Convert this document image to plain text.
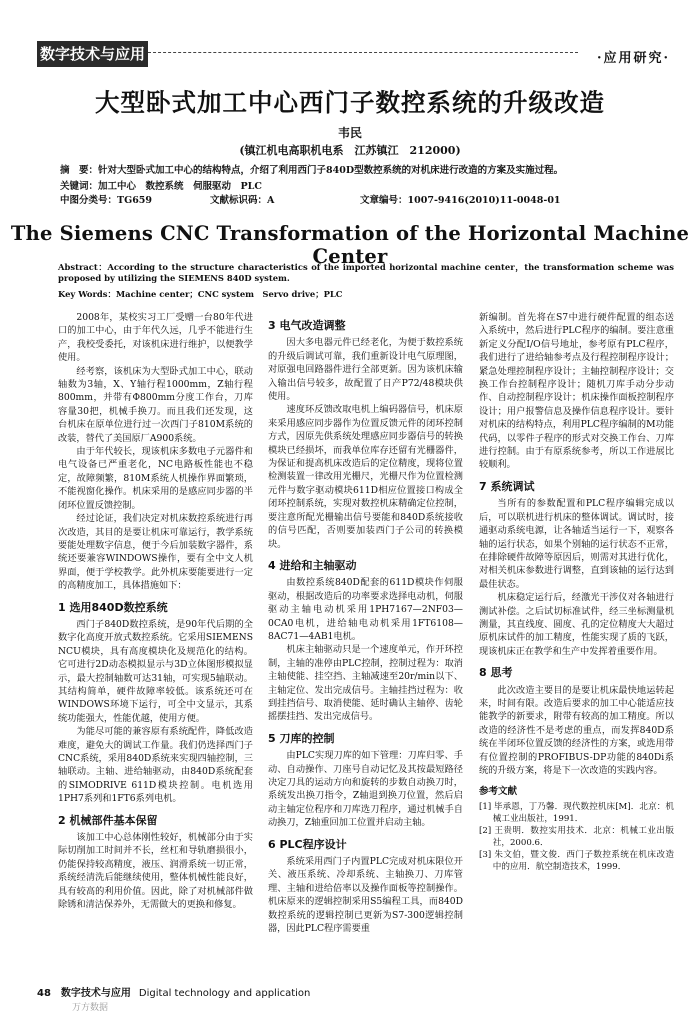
数字技术与应用	·应用研究·
大型卧式加工中心西门子数控系统的升级改造
韦民
(镇江机电高职机电系　江苏镇江　212000)
摘　要：针对大型卧式加工中心的结构特点，介绍了利用西门子840D型数控系统的对机床进行改造的方案及实施过程。
关键词：加工中心　数控系统　伺服驱动　PLC
中图分类号：TG659	文献标识码：A	文章编号：1007-9416(2010)11-0048-01
The Siemens CNC Transformation of the Horizontal Machine Center
Abstract：According to the structure characteristics of the imported horizontal machine center，the transformation scheme was proposed by utilizing the SIEMENS 840D system.
Key Words：Machine center；CNC system　Servo drive；PLC

2008年，某校实习工厂受赠一台80年代进口的加工中心，由于年代久远，几乎不能进行生产，我校受委托，对该机床进行维护，以便教学使用。

经考察，该机床为大型卧式加工中心，联动轴数为3轴，X、Y轴行程1000mm，Z轴行程800mm，并带有Φ800mm分度工作台，刀库容量30把，机械手换刀。而且我们还发现，这台机床在原单位进行过一次西门子810M系统的改装，替代了美国原厂A900系统。

由于年代较长，现该机床多数电子元器件和电气设备已严重老化，NC电路板性能也不稳定，故障频繁，810M系统人机操作界面繁琐，不能视窗化操作。机床采用的是感应同步器的半闭环位置反馈控制。

经过论证，我们决定对机床数控系统进行再次改造，其目的是要让机床可靠运行，教学系统要能处理数字信息，便于今后加装数字器件，系统还要兼容WINDOWS操作，要有全中文人机界面，便于学校教学。此外机床要能要进行一定的高精度加工，具体措施如下：

1 选用840D数控系统

西门子840D数控系统，是90年代后期的全数字化高度开放式数控系统。它采用SIEMENS NCU模块，具有高度模块化及规范化的结构。它可进行2D动态模拟显示与3D立体图形模拟显示，最大控制轴数可达31轴，可实现5轴联动。其结构简单，硬件故障率较低。该系统还可在WINDOWS环境下运行，可全中文显示，其系统功能强大，性能优越，使用方便。

为能尽可能的兼容原有系统配件，降低改造难度，避免大的调试工作量。我们仍选择西门子CNC系统，采用840D系统来实现四轴控制，三轴联动。主轴、进给轴驱动，由840D系统配套的SIMODRIVE 611D模块控制。电机选用1PH7系列和1FT6系列电机。

2 机械部件基本保留

该加工中心总体刚性较好，机械部分由于实际切削加工时间并不长，丝杠和导轨磨损很小，仍能保持较高精度，液压、润滑系统一切正常，系统经清洗后能继续使用，整体机械性能良好，具有较高的利用价值。因此，除了对机械部件做除锈和清洁保养外，无需做大的更换和修复。

3 电气改造调整

因大多电器元件已经老化，为便于数控系统的升级后调试可靠，我们重新设计电气原理图，对原强电回路器件进行全部更新。因为该机床输入输出信号较多，故配置了日产P72/48模块供使用。

速度环反馈改取电机上编码器信号，机床原来采用感应同步器作为位置反馈元件的闭环控制方式，因原先供系统处理感应同步器信号的转换模块已经损坏，而我单位库存还留有光栅器件，为保证和提高机床改造后的定位精度，现将位置检测装置一律改用光栅尺，光栅尺作为位置检测元件与数字驱动模块611D相应位置接口构成全闭环控制系统，实现对数控机床精确定位控制，要注意所配光栅输出信号要能和840D系统接收的信号匹配，否则要加装西门子公司的转换模块。

4 进给和主轴驱动

由数控系统840D配套的611D模块作伺服驱动，根据改造后的功率要求选择电动机，伺服驱动主轴电动机采用1PH7167—2NF03—0CA0电机，进给轴电动机采用1FT6108—8AC71—4AB1电机。

机床主轴驱动只是一个速度单元，作开环控制，主轴的准停由PLC控制，控制过程为：取消主轴使能、挂空挡、主轴减速至20r/min以下、主轴定位、发出完成信号。主轴挂挡过程为：收到挂挡信号、取消使能、延时确认主轴停、齿轮摇摆挂挡、发出完成信号。

5 刀库的控制

由PLC实现刀库的如下管理：刀库归零、手动、自动操作、刀座号自动记忆及其按最短路径决定刀具的运动方向和旋转的步数自动换刀时，系统发出换刀指令，Z轴退到换刀位置，然后启动主轴定位程序和刀库选刀程序，通过机械手自动换刀，Z轴重回加工位置并启动主轴。

6 PLC程序设计

系统采用西门子内置PLC完成对机床限位开关、液压系统、冷却系统、主轴换刀、刀库管理、主轴和进给倍率以及操作面板等控制操作。机床原来的逻辑控制采用S5编程工具，而840D数控系统的逻辑控制已更新为S7-300逻辑控制器，因此PLC程序需要重

新编制。首先将在S7中进行硬件配置的组态送入系统中，然后进行PLC程序的编制。要注意重新定义分配I/O信号地址，参考原有PLC程序，我们进行了进给轴参考点及行程控制程序设计；紧急处理控制程序设计；主轴控制程序设计；交换工作台控制程序设计；随机刀库手动分步动作、自动控制程序设计；机床操作面板控制程序设计；用户报警信息及操作信息程序设计。要针对机床的结构特点，利用PLC程序编制的M功能代码，以零件子程序的形式对交换工作台、刀库进行控制。由于有原系统参考，所以工作进展比较顺利。

7 系统调试

当所有的参数配置和PLC程序编辑完成以后，可以联机进行机床的整体调试。调试时，接通驱动系统电源，让各轴适当运行一下，观察各轴的运行状态，如果个别轴的运行状态不正常，在排除硬件故障等原因后，则需对其进行优化，对相关机床参数进行调整，直到该轴的运行达到最佳状态。

机床稳定运行后，经激光干涉仪对各轴进行测试补偿。之后试切标准试件，经三坐标测量机测量，其直线度、圆度、孔的定位精度大大超过原机床试件的加工精度，性能实现了质的飞跃，现该机床正在教学和生产中发挥着重要作用。

8 思考

此次改造主要目的是要让机床最快地运转起来，时间有限。改造后要求的加工中心能适应技能教学的新要求，附带有较高的加工精度。所以改造的经济性不是考虑的重点，而发挥840D系统在半闭环位置反馈的经济性的方案，或选用带有位置控制的PROFIBUS-DP功能的840Di系统的升级方案，将是下一次改造的实践内容。

参考文献
[1] 毕承恩，丁乃馨．现代数控机床[M]．北京：机械工业出版社，1991．
[2] 王贵明．数控实用技术．北京：机械工业出版社，2000.6．
[3] 朱文伯，暨文俊．西门子数控系统在机床改造中的应用．航空制造技术，1999．
48 数字技术与应用 Digital technology and application
万方数据
